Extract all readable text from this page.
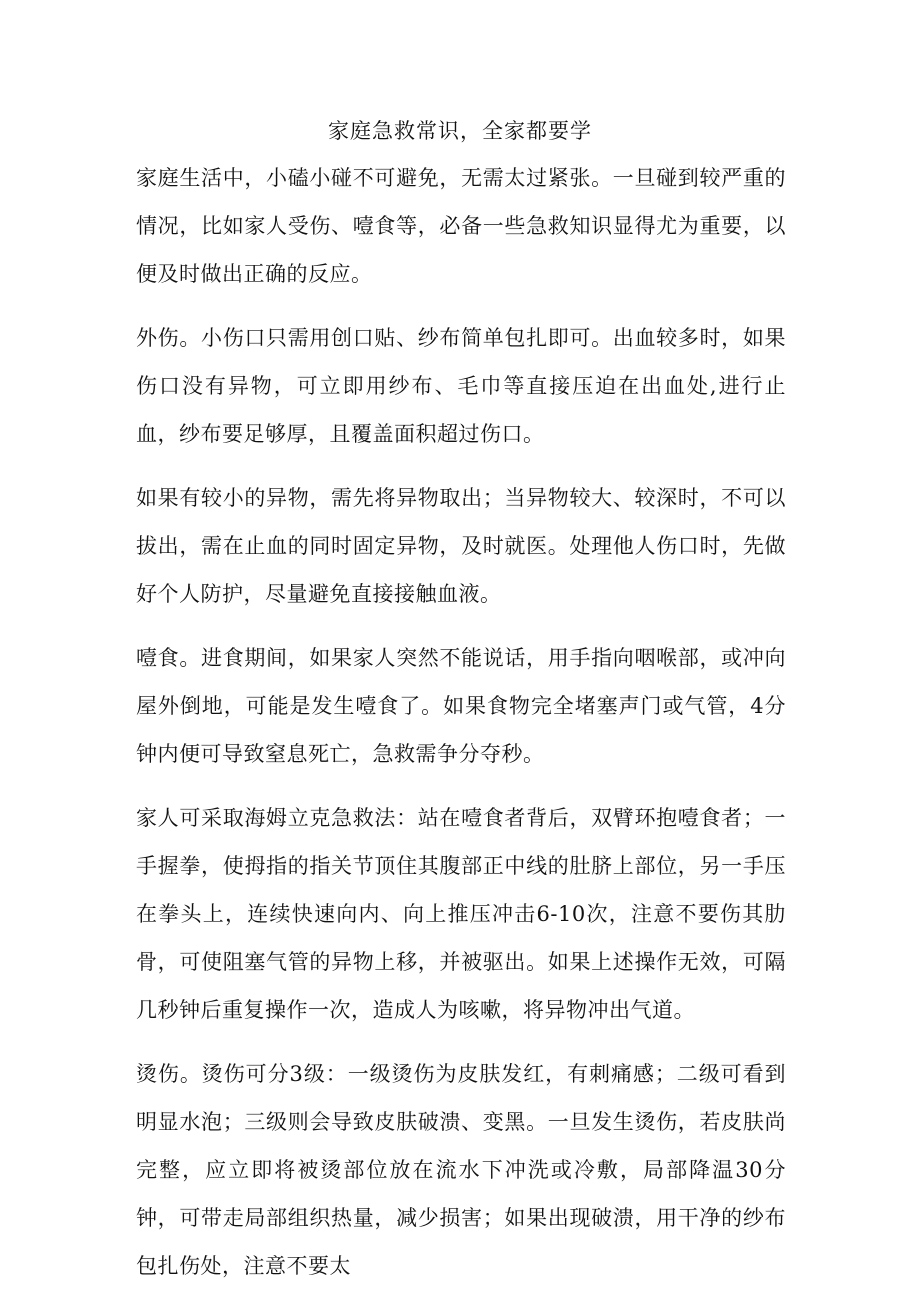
家庭急救常识，全家都要学

家庭生活中，小磕小碰不可避免，无需太过紧张。一旦碰到较严重的情况，比如家人受伤、噎食等，必备一些急救知识显得尤为重要，以便及时做出正确的反应。

外伤。小伤口只需用创口贴、纱布简单包扎即可。出血较多时，如果伤口没有异物，可立即用纱布、毛巾等直接压迫在出血处,进行止血，纱布要足够厚，且覆盖面积超过伤口。

如果有较小的异物，需先将异物取出；当异物较大、较深时，不可以拔出，需在止血的同时固定异物，及时就医。处理他人伤口时，先做好个人防护，尽量避免直接接触血液。

噎食。进食期间，如果家人突然不能说话，用手指向咽喉部，或冲向屋外倒地，可能是发生噎食了。如果食物完全堵塞声门或气管，4分钟内便可导致窒息死亡，急救需争分夺秒。

家人可采取海姆立克急救法：站在噎食者背后，双臂环抱噎食者；一手握拳，使拇指的指关节顶住其腹部正中线的肚脐上部位，另一手压在拳头上，连续快速向内、向上推压冲击6-10次，注意不要伤其肋骨，可使阻塞气管的异物上移，并被驱出。如果上述操作无效，可隔几秒钟后重复操作一次，造成人为咳嗽，将异物冲出气道。

烫伤。烫伤可分3级：一级烫伤为皮肤发红，有刺痛感；二级可看到明显水泡；三级则会导致皮肤破溃、变黑。一旦发生烫伤，若皮肤尚完整，应立即将被烫部位放在流水下冲洗或冷敷，局部降温30分钟，可带走局部组织热量，减少损害；如果出现破溃，用干净的纱布包扎伤处，注意不要太
